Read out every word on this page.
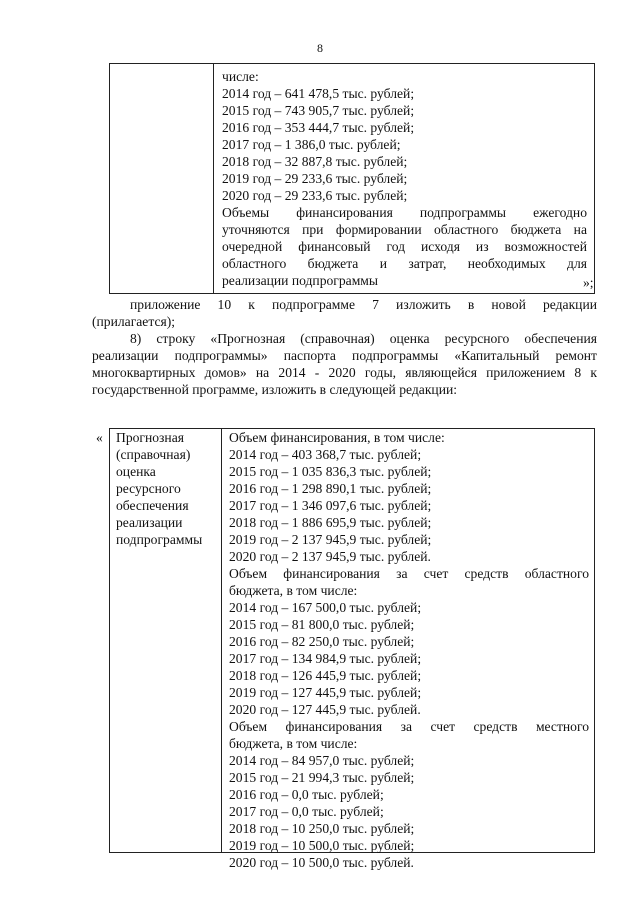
8
числе:
2014 год – 641 478,5 тыс. рублей;
2015 год – 743 905,7 тыс. рублей;
2016 год – 353 444,7 тыс. рублей;
2017 год – 1 386,0 тыс. рублей;
2018 год – 32 887,8 тыс. рублей;
2019 год – 29 233,6 тыс. рублей;
2020 год – 29 233,6 тыс. рублей;
Объемы финансирования подпрограммы ежегодно
уточняются при формировании областного бюджета на
очередной финансовый год исходя из возможностей
областного бюджета и затрат, необходимых для
реализации подпрограммы	»;
приложение 10 к подпрограмме 7 изложить в новой редакции
(прилагается);
8) строку «Прогнозная (справочная) оценка ресурсного обеспечения
реализации подпрограммы» паспорта подпрограммы «Капитальный ремонт
многоквартирных домов» на 2014 - 2020 годы, являющейся приложением 8 к
государственной программе, изложить в следующей редакции:
« Прогнозная
(справочная)
оценка
ресурсного
обеспечения
реализации
подпрограммы
Объем финансирования, в том числе:
2014 год – 403 368,7 тыс. рублей;
2015 год – 1 035 836,3 тыс. рублей;
2016 год – 1 298 890,1 тыс. рублей;
2017 год – 1 346 097,6 тыс. рублей;
2018 год – 1 886 695,9 тыс. рублей;
2019 год – 2 137 945,9 тыс. рублей;
2020 год – 2 137 945,9 тыс. рублей.
Объем финансирования за счет средств областного
бюджета, в том числе:
2014 год – 167 500,0 тыс. рублей;
2015 год – 81 800,0 тыс. рублей;
2016 год – 82 250,0 тыс. рублей;
2017 год – 134 984,9 тыс. рублей;
2018 год – 126 445,9 тыс. рублей;
2019 год – 127 445,9 тыс. рублей;
2020 год – 127 445,9 тыс. рублей.
Объем финансирования за счет средств местного
бюджета, в том числе:
2014 год – 84 957,0 тыс. рублей;
2015 год – 21 994,3 тыс. рублей;
2016 год – 0,0 тыс. рублей;
2017 год – 0,0 тыс. рублей;
2018 год – 10 250,0 тыс. рублей;
2019 год – 10 500,0 тыс. рублей;
2020 год – 10 500,0 тыс. рублей.
